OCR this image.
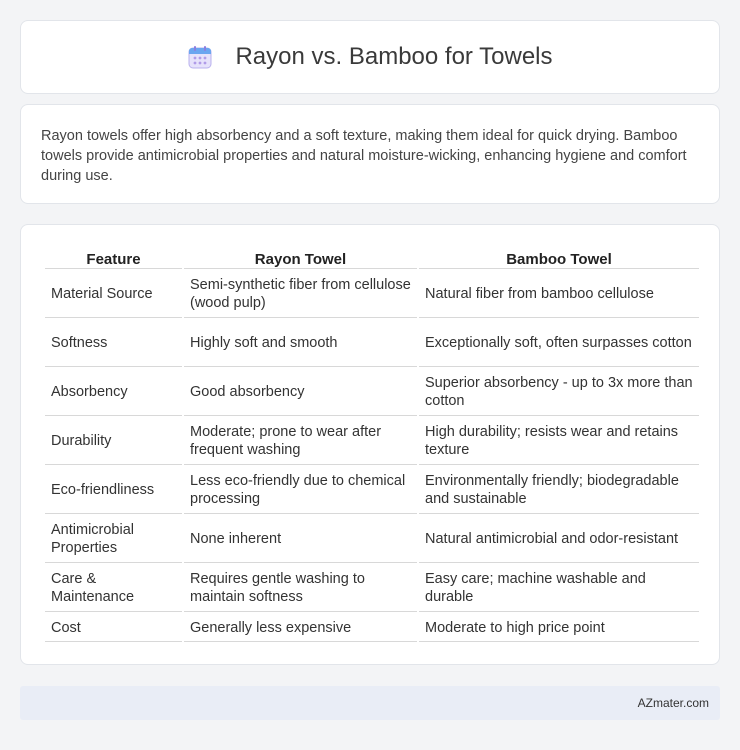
Rayon vs. Bamboo for Towels

Rayon towels offer high absorbency and a soft texture, making them ideal for quick drying. Bamboo towels provide antimicrobial properties and natural moisture-wicking, enhancing hygiene and comfort during use.

Feature	Rayon Towel	Bamboo Towel
Material Source	Semi-synthetic fiber from cellulose (wood pulp)	Natural fiber from bamboo cellulose
Softness	Highly soft and smooth	Exceptionally soft, often surpasses cotton
Absorbency	Good absorbency	Superior absorbency - up to 3x more than cotton
Durability	Moderate; prone to wear after frequent washing	High durability; resists wear and retains texture
Eco-friendliness	Less eco-friendly due to chemical processing	Environmentally friendly; biodegradable and sustainable
Antimicrobial Properties	None inherent	Natural antimicrobial and odor-resistant
Care & Maintenance	Requires gentle washing to maintain softness	Easy care; machine washable and durable
Cost	Generally less expensive	Moderate to high price point
AZmater.com
